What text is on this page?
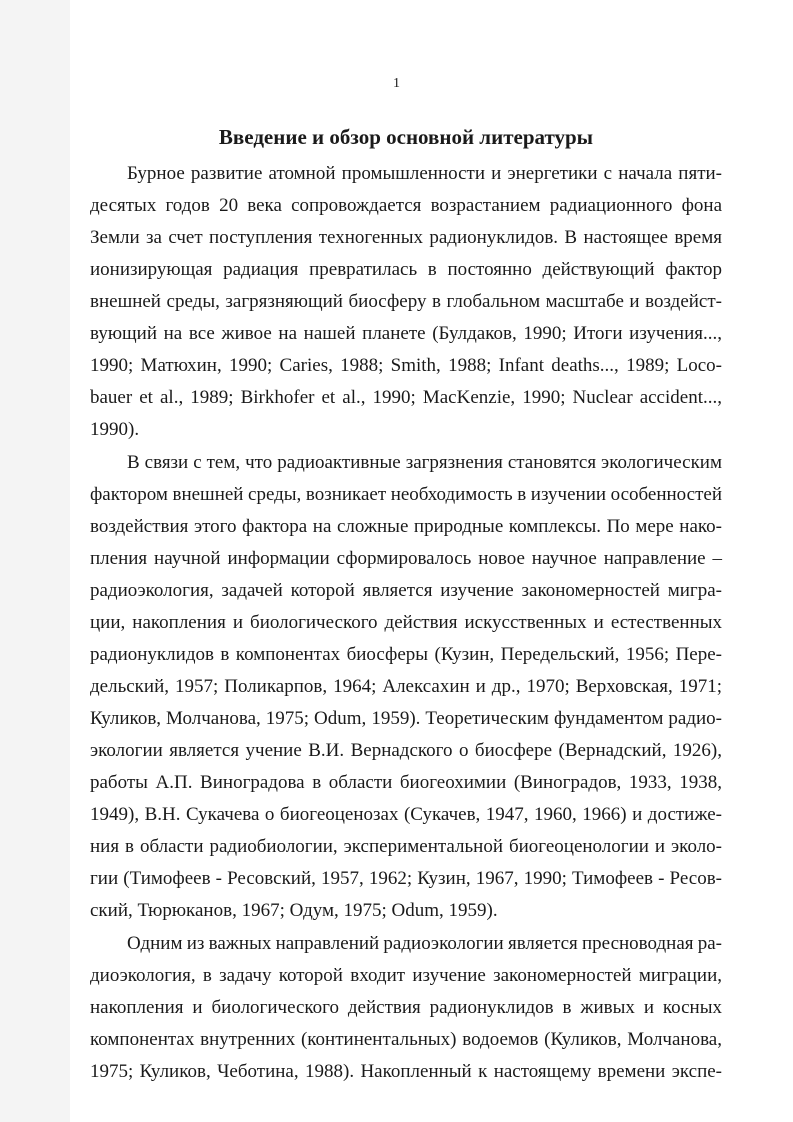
1
Введение и обзор основной литературы
Бурное развитие атомной промышленности и энергетики с начала пяти-
десятых годов 20 века сопровождается возрастанием радиационного фона
Земли за счет поступления техногенных радионуклидов. В настоящее время
ионизирующая радиация превратилась в постоянно действующий фактор
внешней среды, загрязняющий биосферу в глобальном масштабе и воздейст-
вующий на все живое на нашей планете (Булдаков, 1990; Итоги изучения...,
1990; Матюхин, 1990; Caries, 1988; Smith, 1988; Infant deaths..., 1989; Loco-
bauer et al., 1989; Birkhofer et al., 1990; MacKenzie, 1990; Nuclear accident...,
1990).
В связи с тем, что радиоактивные загрязнения становятся экологическим
фактором внешней среды, возникает необходимость в изучении особенностей
воздействия этого фактора на сложные природные комплексы. По мере нако-
пления научной информации сформировалось новое научное направление –
радиоэкология, задачей которой является изучение закономерностей мигра-
ции, накопления и биологического действия искусственных и естественных
радионуклидов в компонентах биосферы (Кузин, Передельский, 1956; Пере-
дельский, 1957; Поликарпов, 1964; Алексахин и др., 1970; Верховская, 1971;
Куликов, Молчанова, 1975; Odum, 1959). Теоретическим фундаментом радио-
экологии является учение В.И. Вернадского о биосфере (Вернадский, 1926),
работы А.П. Виноградова в области биогеохимии (Виноградов, 1933, 1938,
1949), В.Н. Сукачева о биогеоценозах (Сукачев, 1947, 1960, 1966) и достиже-
ния в области радиобиологии, экспериментальной биогеоценологии и эколо-
гии (Тимофеев - Ресовский, 1957, 1962; Кузин, 1967, 1990; Тимофеев - Ресов-
ский, Тюрюканов, 1967; Одум, 1975; Odum, 1959).
Одним из важных направлений радиоэкологии является пресноводная ра-
диоэкология, в задачу которой входит изучение закономерностей миграции,
накопления и биологического действия радионуклидов в живых и косных
компонентах внутренних (континентальных) водоемов (Куликов, Молчанова,
1975; Куликов, Чеботина, 1988). Накопленный к настоящему времени экспе-
